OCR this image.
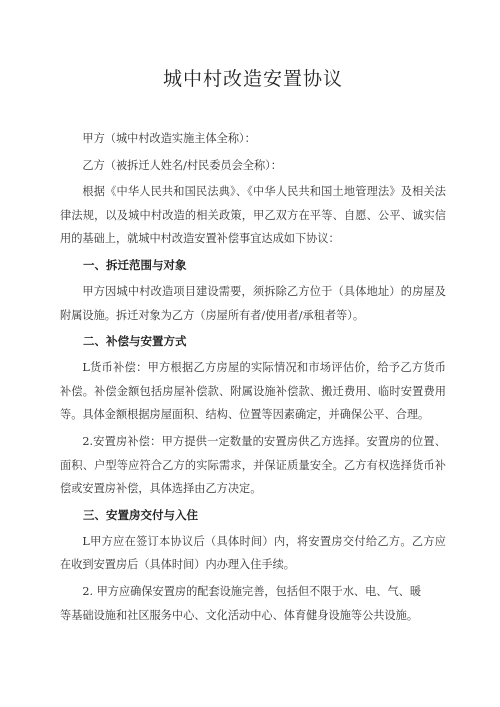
城中村改造安置协议

甲方（城中村改造实施主体全称）：

乙方（被拆迁人姓名/村民委员会全称）：

根据《中华人民共和国民法典》、《中华人民共和国土地管理法》及相关法律法规，以及城中村改造的相关政策，甲乙双方在平等、自愿、公平、诚实信用的基础上，就城中村改造安置补偿事宜达成如下协议：

一、拆迁范围与对象

甲方因城中村改造项目建设需要，须拆除乙方位于（具体地址）的房屋及附属设施。拆迁对象为乙方（房屋所有者/使用者/承租者等）。

二、补偿与安置方式

L货币补偿：甲方根据乙方房屋的实际情况和市场评估价，给予乙方货币补偿。补偿金额包括房屋补偿款、附属设施补偿款、搬迁费用、临时安置费用等。具体金额根据房屋面积、结构、位置等因素确定，并确保公平、合理。

2.安置房补偿：甲方提供一定数量的安置房供乙方选择。安置房的位置、面积、户型等应符合乙方的实际需求，并保证质量安全。乙方有权选择货币补偿或安置房补偿，具体选择由乙方决定。

三、安置房交付与入住

L甲方应在签订本协议后（具体时间）内，将安置房交付给乙方。乙方应在收到安置房后（具体时间）内办理入住手续。

2. 甲方应确保安置房的配套设施完善，包括但不限于水、电、气、暖

等基础设施和社区服务中心、文化活动中心、体育健身设施等公共设施。
